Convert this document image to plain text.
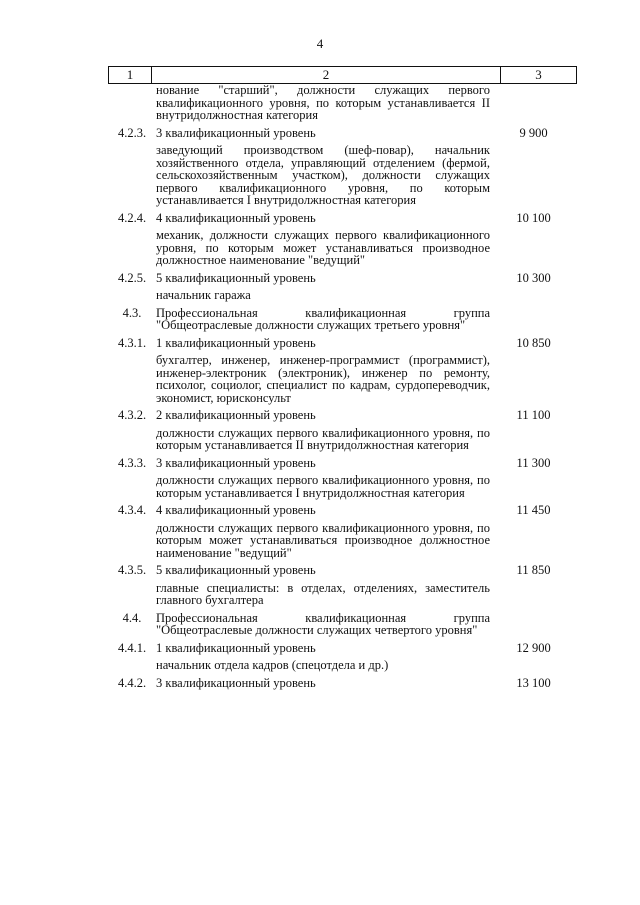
4
1	2	3
нование "старший", должности служащих первого квалификационного уровня, по которым устанавливается II внутридолжностная категория
4.2.3. 3 квалификационный уровень	9 900
заведующий производством (шеф-повар), начальник хозяйственного отдела, управляющий отделением (фермой, сельскохозяйственным участком), должности служащих первого квалификационного уровня, по которым устанавливается I внутридолжностная категория
4.2.4. 4 квалификационный уровень	10 100
механик, должности служащих первого квалификационного уровня, по которым может устанавливаться производное должностное наименование "ведущий"
4.2.5. 5 квалификационный уровень	10 300
начальник гаража
4.3.	Профессиональная квалификационная группа "Общеотраслевые должности служащих третьего уровня"
4.3.1. 1 квалификационный уровень	10 850
бухгалтер, инженер, инженер-программист (программист), инженер-электроник (электроник), инженер по ремонту, психолог, социолог, специалист по кадрам, сурдопереводчик, экономист, юрисконсульт
4.3.2. 2 квалификационный уровень	11 100
должности служащих первого квалификационного уровня, по которым устанавливается II внутридолжностная категория
4.3.3. 3 квалификационный уровень	11 300
должности служащих первого квалификационного уровня, по которым устанавливается I внутридолжностная категория
4.3.4. 4 квалификационный уровень	11 450
должности служащих первого квалификационного уровня, по которым может устанавливаться производное должностное наименование "ведущий"
4.3.5. 5 квалификационный уровень	11 850
главные специалисты: в отделах, отделениях, заместитель главного бухгалтера
4.4.	Профессиональная квалификационная группа "Общеотраслевые должности служащих четвертого уровня"
4.4.1. 1 квалификационный уровень	12 900
начальник отдела кадров (спецотдела и др.)
4.4.2. 3 квалификационный уровень	13 100
